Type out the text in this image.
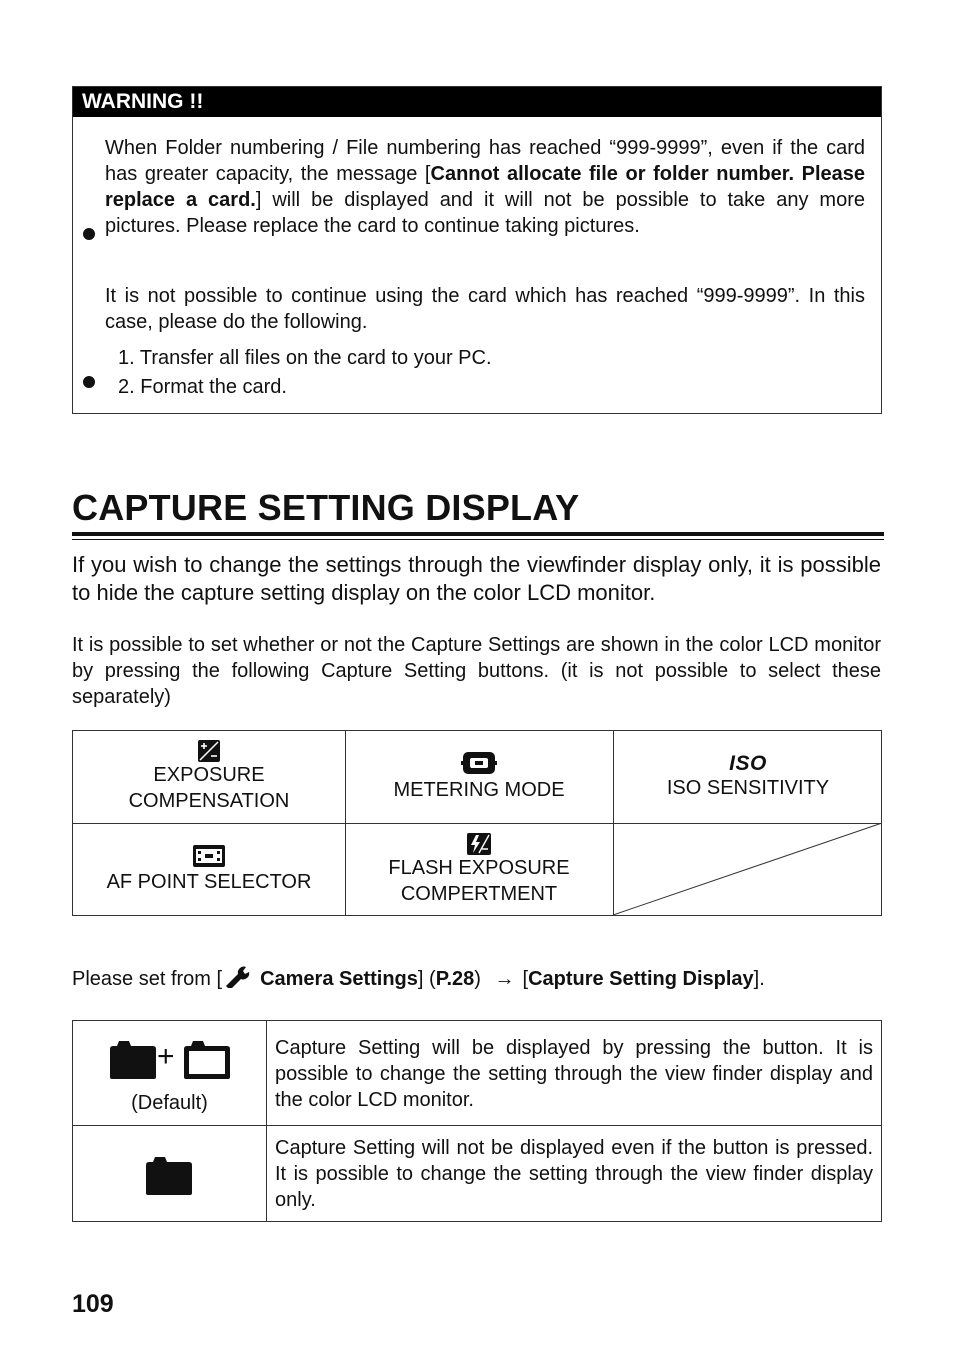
WARNING !!
When Folder numbering / File numbering has reached “999-9999”, even if the card has greater capacity, the message [Cannot allocate file or folder number. Please replace a card.] will be displayed and it will not be possible to take any more pictures. Please replace the card to continue taking pictures.
It is not possible to continue using the card which has reached “999-9999”. In this case, please do the following.
1. Transfer all files on the card to your PC.
2. Format the card.
CAPTURE SETTING DISPLAY
If you wish to change the settings through the viewfinder display only, it is possible to hide the capture setting display on the color LCD monitor.
It is possible to set whether or not the Capture Settings are shown in the color LCD monitor by pressing the following Capture Setting buttons. (it is not possible to select these separately)
EXPOSURE COMPENSATION	METERING MODE
ISO
ISO SENSITIVITY
AF POINT SELECTOR
FLASH EXPOSURE COMPERTMENT
Please set from [ Camera Settings] (P.28) → [Capture Setting Display].
+
(Default)
Capture Setting will be displayed by pressing the button. It is possible to change the setting through the view finder display and the color LCD monitor.
Capture Setting will not be displayed even if the button is pressed. It is possible to change the setting through the view finder display only.
109
